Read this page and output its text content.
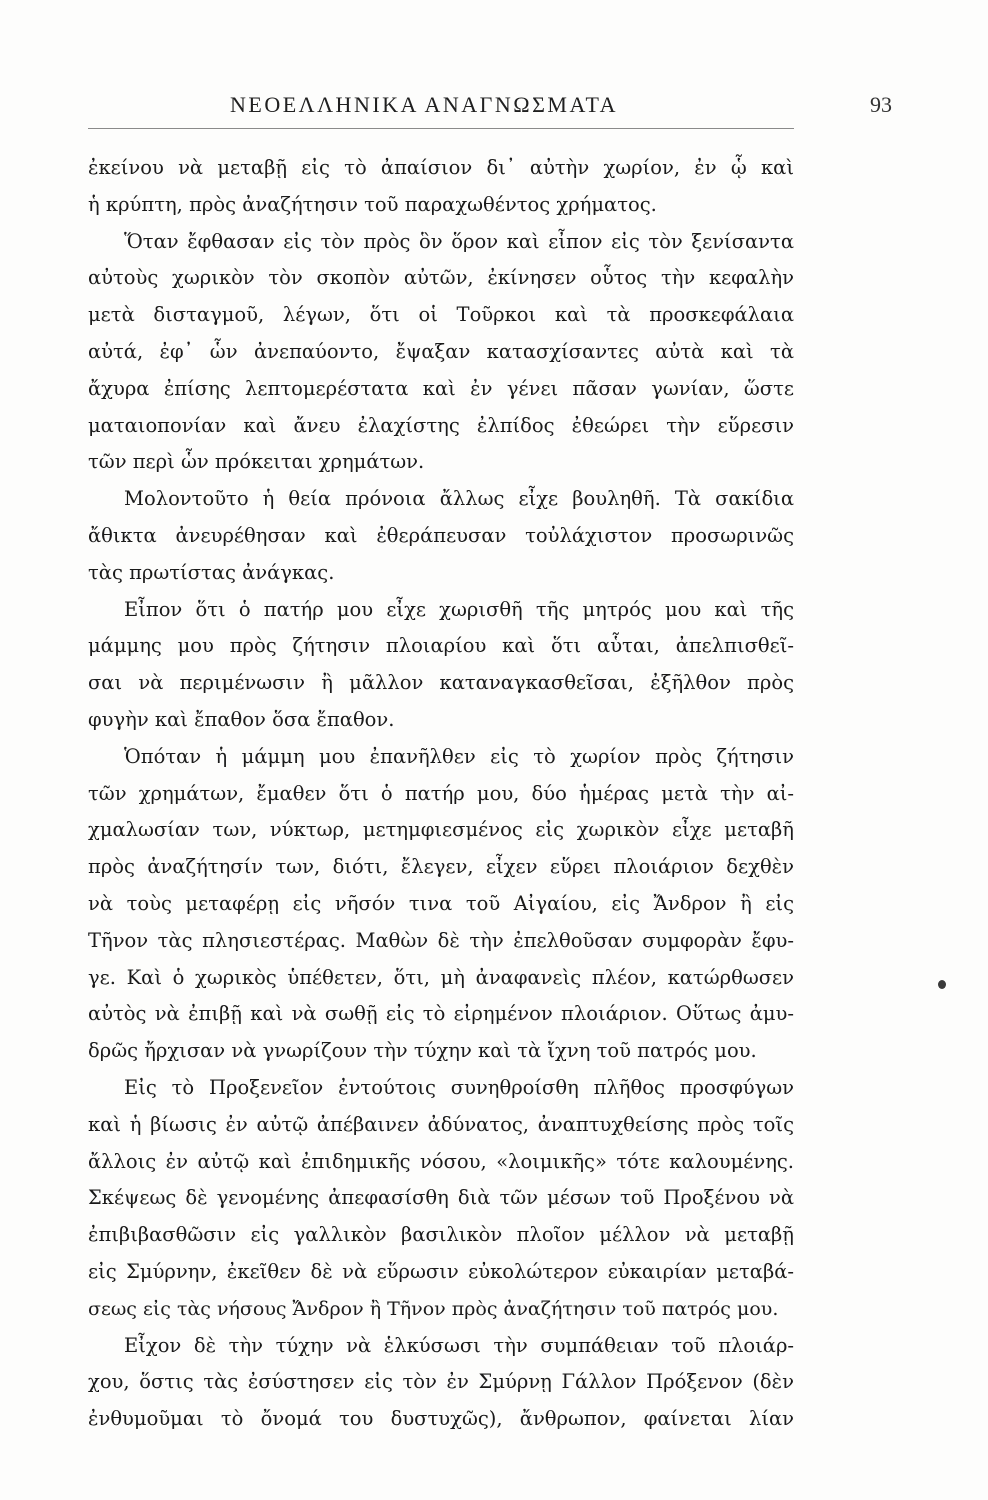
ΝΕΟΕΛΛΗΝΙΚΑ ΑΝΑΓΝΩΣΜΑΤΑ	93
ἐκείνου νὰ μεταβῇ εἰς τὸ ἀπαίσιον δι᾽ αὐτὴν χωρίον, ἐν ᾧ καὶ
ἡ κρύπτη, πρὸς ἀναζήτησιν τοῦ παραχωθέντος χρήματος.
Ὅταν ἔφθασαν εἰς τὸν πρὸς ὃν ὅρον καὶ εἶπον εἰς τὸν ξενίσαντα
αὐτοὺς χωρικὸν τὸν σκοπὸν αὐτῶν, ἐκίνησεν οὗτος τὴν κεφαλὴν
μετὰ δισταγμοῦ, λέγων, ὅτι οἱ Τοῦρκοι καὶ τὰ προσκεφάλαια
αὐτά, ἐφ᾽ ὧν ἀνεπαύοντο, ἔψαξαν κατασχίσαντες αὐτὰ καὶ τὰ
ἄχυρα ἐπίσης λεπτομερέστατα καὶ ἐν γένει πᾶσαν γωνίαν, ὥστε
ματαιοπονίαν καὶ ἄνευ ἐλαχίστης ἐλπίδος ἐθεώρει τὴν εὕρεσιν
τῶν περὶ ὧν πρόκειται χρημάτων.
Μολοντοῦτο ἡ θεία πρόνοια ἄλλως εἶχε βουληθῆ. Τὰ σακίδια
ἄθικτα ἀνευρέθησαν καὶ ἐθεράπευσαν τοὐλάχιστον προσωρινῶς
τὰς πρωτίστας ἀνάγκας.
Εἶπον ὅτι ὁ πατήρ μου εἶχε χωρισθῆ τῆς μητρός μου καὶ τῆς
μάμμης μου πρὸς ζήτησιν πλοιαρίου καὶ ὅτι αὗται, ἀπελπισθεῖ-
σαι νὰ περιμένωσιν ἢ μᾶλλον καταναγκασθεῖσαι, ἐξῆλθον πρὸς
φυγὴν καὶ ἔπαθον ὅσα ἔπαθον.
Ὁπόταν ἡ μάμμη μου ἐπανῆλθεν εἰς τὸ χωρίον πρὸς ζήτησιν
τῶν χρημάτων, ἔμαθεν ὅτι ὁ πατήρ μου, δύο ἡμέρας μετὰ τὴν αἰ-
χμαλωσίαν των, νύκτωρ, μετημφιεσμένος εἰς χωρικὸν εἶχε μεταβῆ
πρὸς ἀναζήτησίν των, διότι, ἔλεγεν, εἶχεν εὕρει πλοιάριον δεχθὲν
νὰ τοὺς μεταφέρῃ εἰς νῆσόν τινα τοῦ Αἰγαίου, εἰς Ἄνδρον ἢ εἰς
Τῆνον τὰς πλησιεστέρας. Μαθὼν δὲ τὴν ἐπελθοῦσαν συμφορὰν ἔφυ-
γε. Καὶ ὁ χωρικὸς ὑπέθετεν, ὅτι, μὴ ἀναφανεὶς πλέον, κατώρθωσεν
αὐτὸς νὰ ἐπιβῇ καὶ νὰ σωθῇ εἰς τὸ εἰρημένον πλοιάριον. Οὕτως ἀμυ-
δρῶς ἤρχισαν νὰ γνωρίζουν τὴν τύχην καὶ τὰ ἴχνη τοῦ πατρός μου.
Εἰς τὸ Προξενεῖον ἐντούτοις συνηθροίσθη πλῆθος προσφύγων
καὶ ἡ βίωσις ἐν αὐτῷ ἀπέβαινεν ἀδύνατος, ἀναπτυχθείσης πρὸς τοῖς
ἄλλοις ἐν αὐτῷ καὶ ἐπιδημικῆς νόσου, «λοιμικῆς» τότε καλουμένης.
Σκέψεως δὲ γενομένης ἀπεφασίσθη διὰ τῶν μέσων τοῦ Προξένου νὰ
ἐπιβιβασθῶσιν εἰς γαλλικὸν βασιλικὸν πλοῖον μέλλον νὰ μεταβῇ
εἰς Σμύρνην, ἐκεῖθεν δὲ νὰ εὕρωσιν εὐκολώτερον εὐκαιρίαν μεταβά-
σεως εἰς τὰς νήσους Ἄνδρον ἢ Τῆνον πρὸς ἀναζήτησιν τοῦ πατρός μου.
Εἶχον δὲ τὴν τύχην νὰ ἑλκύσωσι τὴν συμπάθειαν τοῦ πλοιάρ-
χου, ὅστις τὰς ἐσύστησεν εἰς τὸν ἐν Σμύρνῃ Γάλλον Πρόξενον (δὲν
ἐνθυμοῦμαι τὸ ὄνομά του δυστυχῶς), ἄνθρωπον, φαίνεται λίαν
